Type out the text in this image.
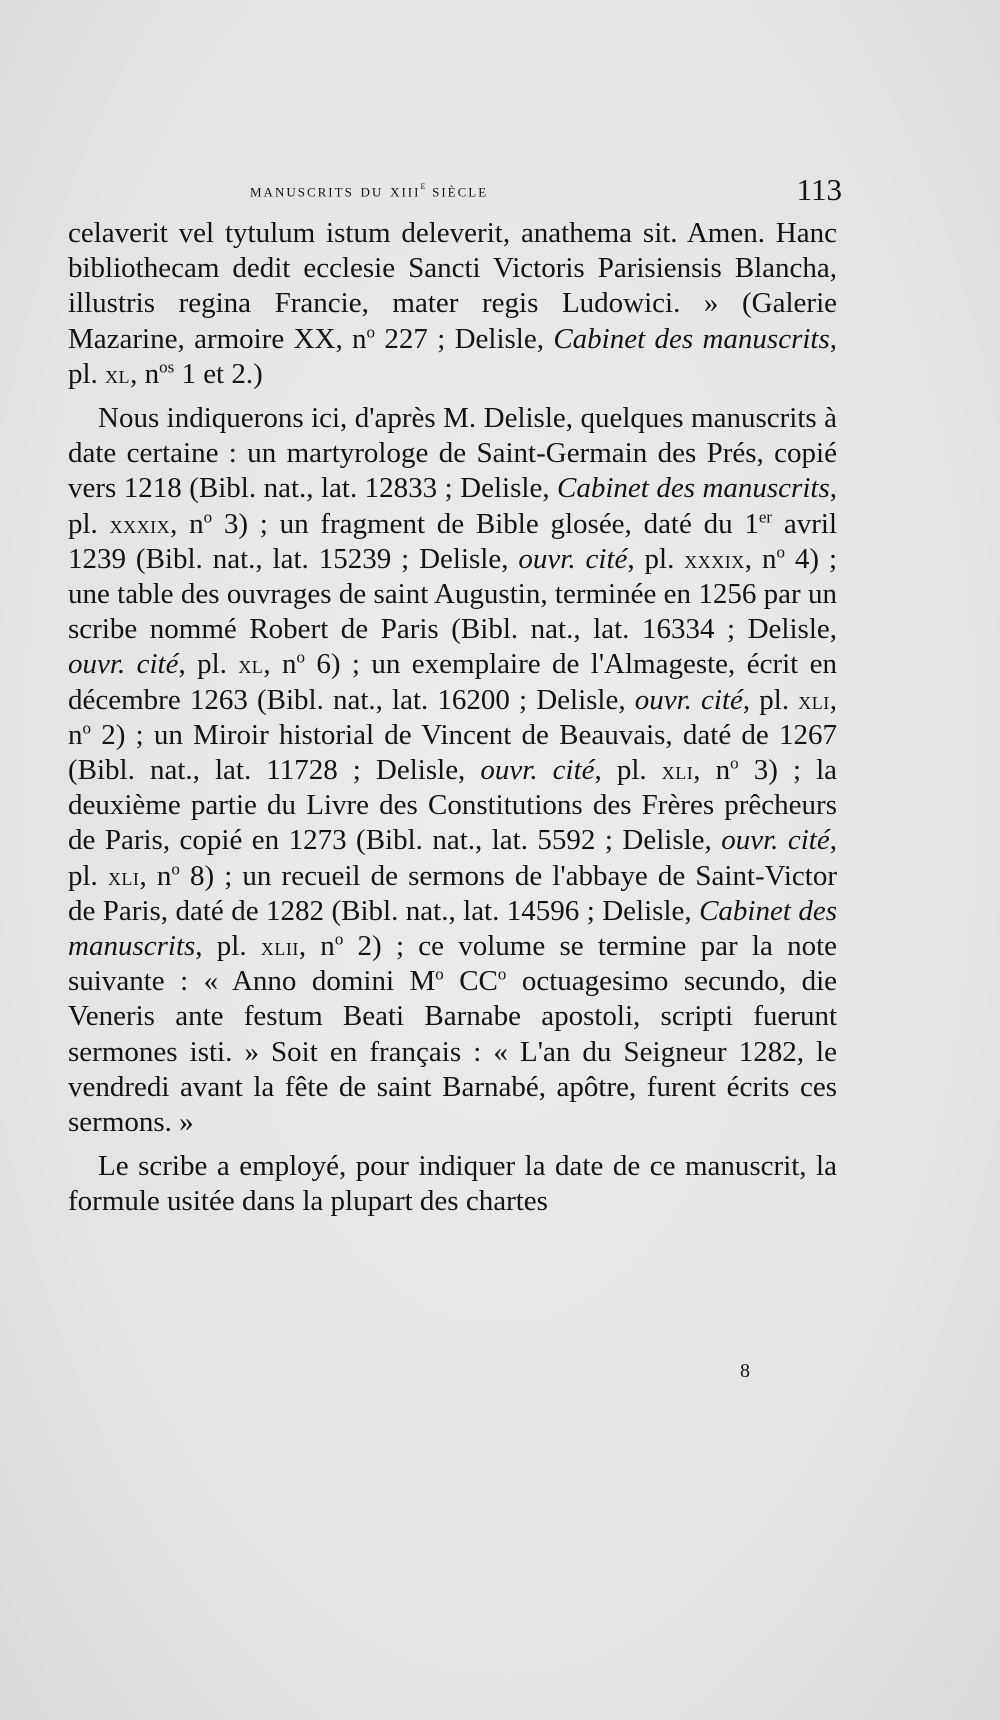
manuscrits du xiii$^e$ siècle	113

celaverit vel tytulum istum deleverit, anathema sit. Amen. Hanc bibliothecam dedit ecclesie Sancti Victoris Parisiensis Blancha, illustris regina Francie, mater regis Ludowici. » (Galerie Mazarine, armoire XX, $n^o$ 227 ; Delisle, Cabinet des manuscrits, pl. xl, $n^{os}$ 1 et 2.)

Nous indiquerons ici, d'après M. Delisle, quelques manuscrits à date certaine : un martyrologe de Saint-Germain des Prés, copié vers 1218 (Bibl. nat., lat. 12833 ; Delisle, Cabinet des manuscrits, pl. xxxix, $n^o$ 3) ; un fragment de Bible glosée, daté du 1er avril 1239 (Bibl. nat., lat. 15239 ; Delisle, ouvr. cité, pl. xxxix, $n^o$ 4) ; une table des ouvrages de saint Augustin, terminée en 1256 par un scribe nommé Robert de Paris (Bibl. nat., lat. 16334 ; Delisle, ouvr. cité, pl. xl, $n^o$ 6) ; un exemplaire de l'Almageste, écrit en décembre 1263 (Bibl. nat., lat. 16200 ; Delisle, ouvr. cité, pl. xli, $n^o$ 2) ; un Miroir historial de Vincent de Beauvais, daté de 1267 (Bibl. nat., lat. 11728 ; Delisle, ouvr. cité, pl. xli, $n^o$ 3) ; la deuxième partie du Livre des Constitutions des Frères prêcheurs de Paris, copié en 1273 (Bibl. nat., lat. 5592 ; Delisle, ouvr. cité, pl. xli, $n^o$ 8) ; un recueil de sermons de l'abbaye de Saint-Victor de Paris, daté de 1282 (Bibl. nat., lat. 14596 ; Delisle, Cabinet des manuscrits, pl. xlii, $n^o$ 2) ; ce volume se termine par la note suivante : « Anno domini $M^o$ $CC^o$ octuagesimo secundo, die Veneris ante festum Beati Barnabe apostoli, scripti fuerunt sermones isti. » Soit en français : « L'an du Seigneur 1282, le vendredi avant la fête de saint Barnabé, apôtre, furent écrits ces sermons. »

Le scribe a employé, pour indiquer la date de ce manuscrit, la formule usitée dans la plupart des chartes

8
